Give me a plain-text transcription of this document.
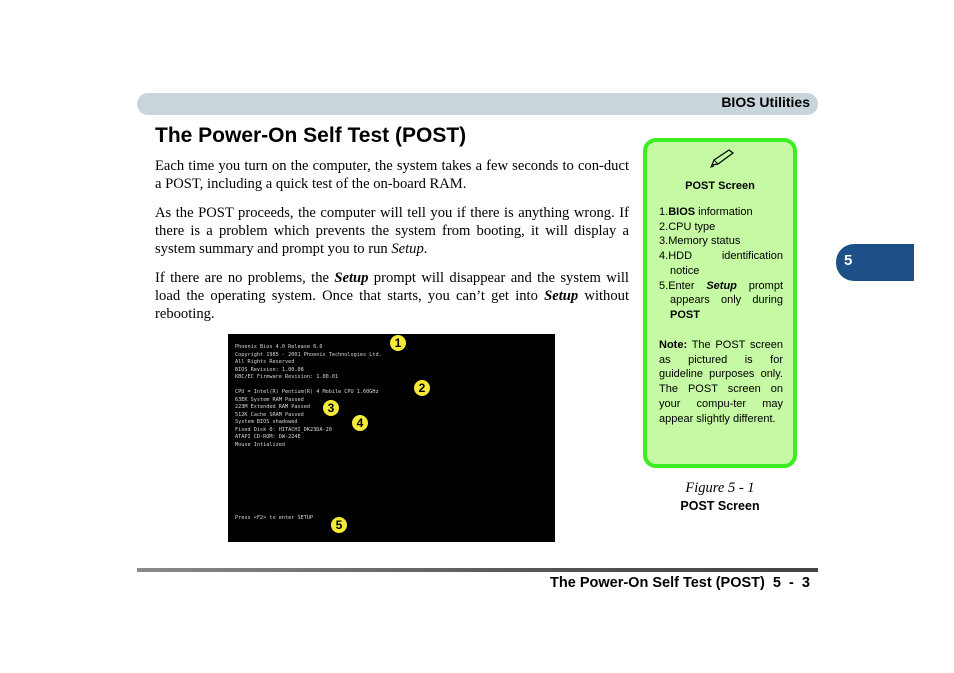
BIOS Utilities
The Power-On Self Test (POST)

Each time you turn on the computer, the system takes a few seconds to con-duct a POST, including a quick test of the on-board RAM.

As the POST proceeds, the computer will tell you if there is anything wrong. If there is a problem which prevents the system from booting, it will display a system summary and prompt you to run Setup.

If there are no problems, the Setup prompt will disappear and the system will load the operating system. Once that starts, you can’t get into Setup without rebooting.

Phoenix Bios 4.0 Release 6.0
Copyright 1985 - 2001 Phoenix Technologies Ltd.
All Rights Reserved
BIOS Revision: 1.00.08
KBC/EC Firmware Revision: 1.00.01
CPU = Intel(R) Pentium(R) 4 Mobile CPU 1.60GHz
63EK System RAM Passed
223M Extended RAM Passed
512K Cache SRAM Passed
System BIOS shadowed
Fixed Disk 0: HITACHI_DK23DA-20
ATAPI CD-ROM: DW-224E
Mouse Intialized
Press <F2> to enter SETUP
1
2
3
4
5
POST Screen
1.BIOS information
2.CPU type
3.Memory status
4.HDD	identification
notice
5.Enter Setup prompt
appears only during
POST

Note: The POST screen as pictured is for guideline purposes only. The POST screen on your compu-ter may appear slightly different.

Figure 5 - 1
POST Screen
5
The Power-On Self Test (POST)  5  -  3
